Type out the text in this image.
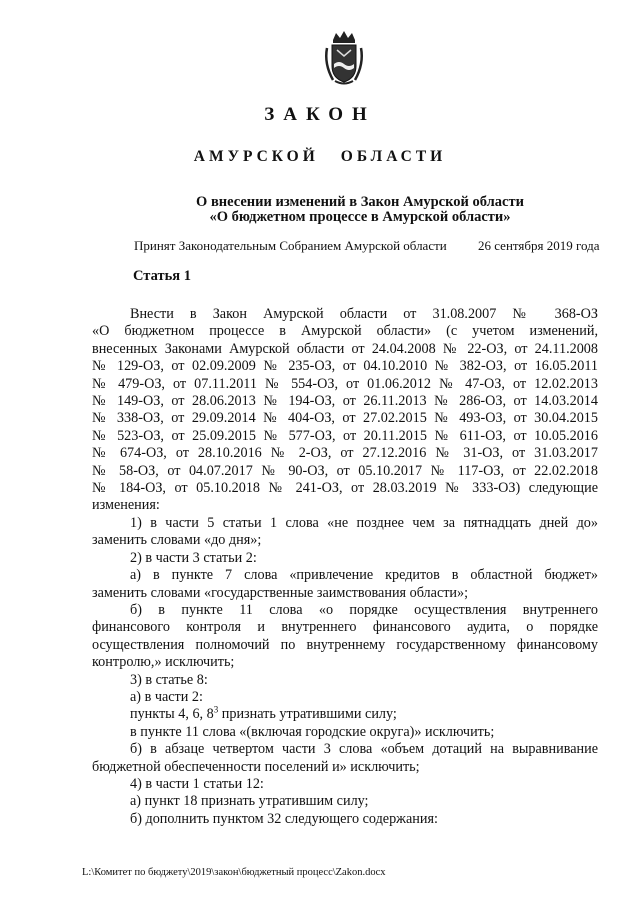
ЗАКОН
АМУРСКОЙ ОБЛАСТИ
О внесении изменений в Закон Амурской области
«О бюджетном процессе в Амурской области»
Принят Законодательным Собранием Амурской области 26 сентября 2019 года
Статья 1

Внести в Закон Амурской области от 31.08.2007 № 368-ОЗ

«О бюджетном процессе в Амурской области» (с учетом изменений,

внесенных Законами Амурской области от 24.04.2008 № 22-ОЗ, от 24.11.2008

№ 129-ОЗ, от 02.09.2009 № 235-ОЗ, от 04.10.2010 № 382-ОЗ, от 16.05.2011

№ 479-ОЗ, от 07.11.2011 № 554-ОЗ, от 01.06.2012 № 47-ОЗ, от 12.02.2013

№ 149-ОЗ, от 28.06.2013 № 194-ОЗ, от 26.11.2013 № 286-ОЗ, от 14.03.2014

№ 338-ОЗ, от 29.09.2014 № 404-ОЗ, от 27.02.2015 № 493-ОЗ, от 30.04.2015

№ 523-ОЗ, от 25.09.2015 № 577-ОЗ, от 20.11.2015 № 611-ОЗ, от 10.05.2016

№ 674-ОЗ, от 28.10.2016 № 2-ОЗ, от 27.12.2016 № 31-ОЗ, от 31.03.2017

№ 58-ОЗ, от 04.07.2017 № 90-ОЗ, от 05.10.2017 № 117-ОЗ, от 22.02.2018

№ 184-ОЗ, от 05.10.2018 № 241-ОЗ, от 28.03.2019 № 333-ОЗ) следующие

изменения:

1) в части 5 статьи 1 слова «не позднее чем за пятнадцать дней до»

заменить словами «до дня»;

2) в части 3 статьи 2:

а) в пункте 7 слова «привлечение кредитов в областной бюджет»

заменить словами «государственные заимствования области»;

б) в пункте 11 слова «о порядке осуществления внутреннего

финансового контроля и внутреннего финансового аудита, о порядке

осуществления полномочий по внутреннему государственному финансовому

контролю,» исключить;

3) в статье 8:

а) в части 2:

пункты 4, 6, $8^3$ признать утратившими силу;

в пункте 11 слова «(включая городские округа)» исключить;

б) в абзаце четвертом части 3 слова «объем дотаций на выравнивание

бюджетной обеспеченности поселений и» исключить;

4) в части 1 статьи 12:

а) пункт 18 признать утратившим силу;

б) дополнить пунктом 32 следующего содержания:

L:\Комитет по бюджету\2019\закон\бюджетный процесс\Zakon.docx
